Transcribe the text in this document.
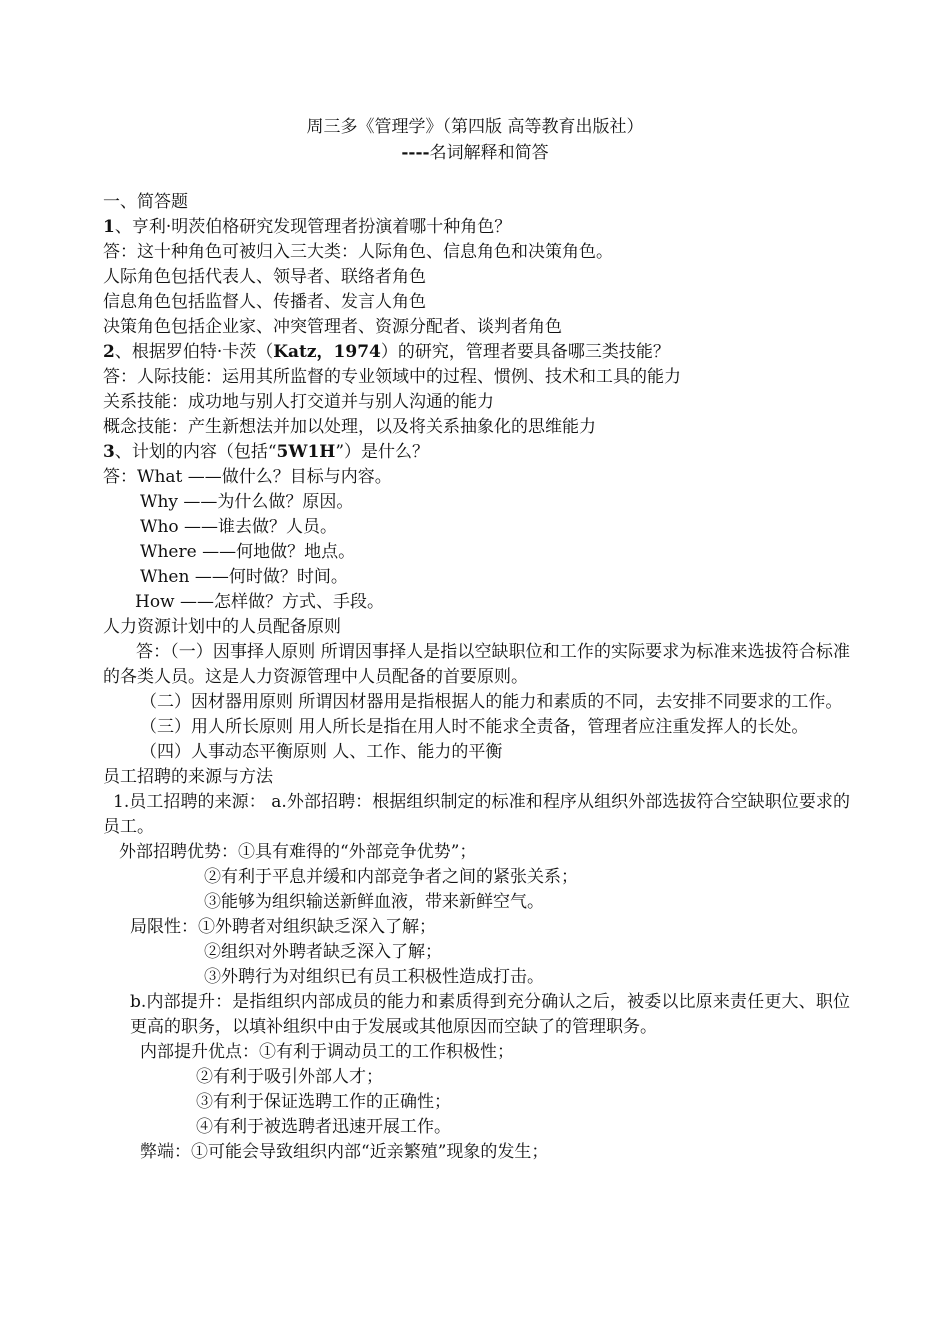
周三多《管理学》（第四版 高等教育出版社）
----名词解释和简答
一、简答题
1、亨利·明茨伯格研究发现管理者扮演着哪十种角色？
答：这十种角色可被归入三大类：人际角色、信息角色和决策角色。
人际角色包括代表人、领导者、联络者角色
信息角色包括监督人、传播者、发言人角色
决策角色包括企业家、冲突管理者、资源分配者、谈判者角色
2、根据罗伯特·卡茨（Katz，1974）的研究，管理者要具备哪三类技能？
答：人际技能：运用其所监督的专业领域中的过程、惯例、技术和工具的能力
关系技能：成功地与别人打交道并与别人沟通的能力
概念技能：产生新想法并加以处理，以及将关系抽象化的思维能力
3、计划的内容（包括“5W1H”）是什么？
答：What ——做什么？目标与内容。
Why ——为什么做？原因。
Who ——谁去做？人员。
Where ——何地做？地点。
When ——何时做？时间。
How ——怎样做？方式、手段。
人力资源计划中的人员配备原则
答：（一）因事择人原则 所谓因事择人是指以空缺职位和工作的实际要求为标准来选拔符合标准的各类人员。这是人力资源管理中人员配备的首要原则。
（二）因材器用原则 所谓因材器用是指根据人的能力和素质的不同，去安排不同要求的工作。
（三）用人所长原则 用人所长是指在用人时不能求全责备，管理者应注重发挥人的长处。
（四）人事动态平衡原则 人、工作、能力的平衡
员工招聘的来源与方法
1.员工招聘的来源： a.外部招聘：根据组织制定的标准和程序从组织外部选拔符合空缺职位要求的员工。
外部招聘优势：①具有难得的“外部竞争优势”；
②有利于平息并缓和内部竞争者之间的紧张关系；
③能够为组织输送新鲜血液，带来新鲜空气。
局限性：①外聘者对组织缺乏深入了解；
②组织对外聘者缺乏深入了解；
③外聘行为对组织已有员工积极性造成打击。
b.内部提升：是指组织内部成员的能力和素质得到充分确认之后，被委以比原来责任更大、职位更高的职务，以填补组织中由于发展或其他原因而空缺了的管理职务。
内部提升优点：①有利于调动员工的工作积极性；
②有利于吸引外部人才；
③有利于保证选聘工作的正确性；
④有利于被选聘者迅速开展工作。
弊端：①可能会导致组织内部“近亲繁殖”现象的发生；
